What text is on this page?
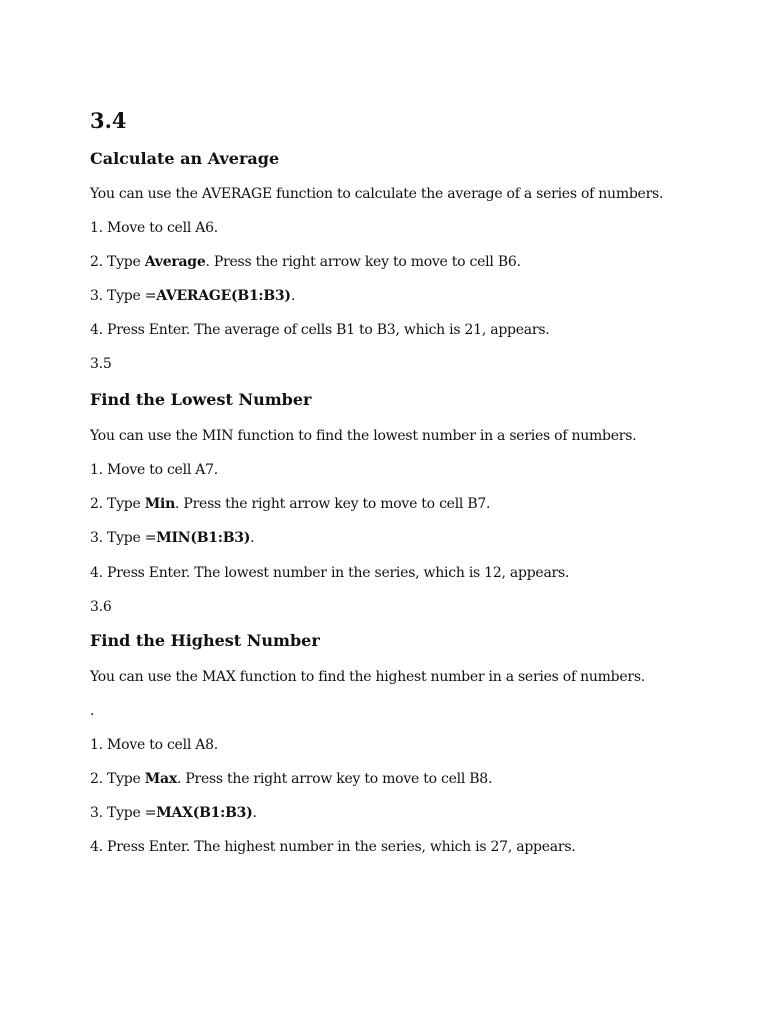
3.4
Calculate an Average
You can use the AVERAGE function to calculate the average of a series of numbers.
1. Move to cell A6.
2. Type Average. Press the right arrow key to move to cell B6.
3. Type =AVERAGE(B1:B3).
4. Press Enter. The average of cells B1 to B3, which is 21, appears.
3.5
Find the Lowest Number
You can use the MIN function to find the lowest number in a series of numbers.
1. Move to cell A7.
2. Type Min. Press the right arrow key to move to cell B7.
3. Type =MIN(B1:B3).
4. Press Enter. The lowest number in the series, which is 12, appears.
3.6
Find the Highest Number
You can use the MAX function to find the highest number in a series of numbers.
.
1. Move to cell A8.
2. Type Max. Press the right arrow key to move to cell B8.
3. Type =MAX(B1:B3).
4. Press Enter. The highest number in the series, which is 27, appears.
